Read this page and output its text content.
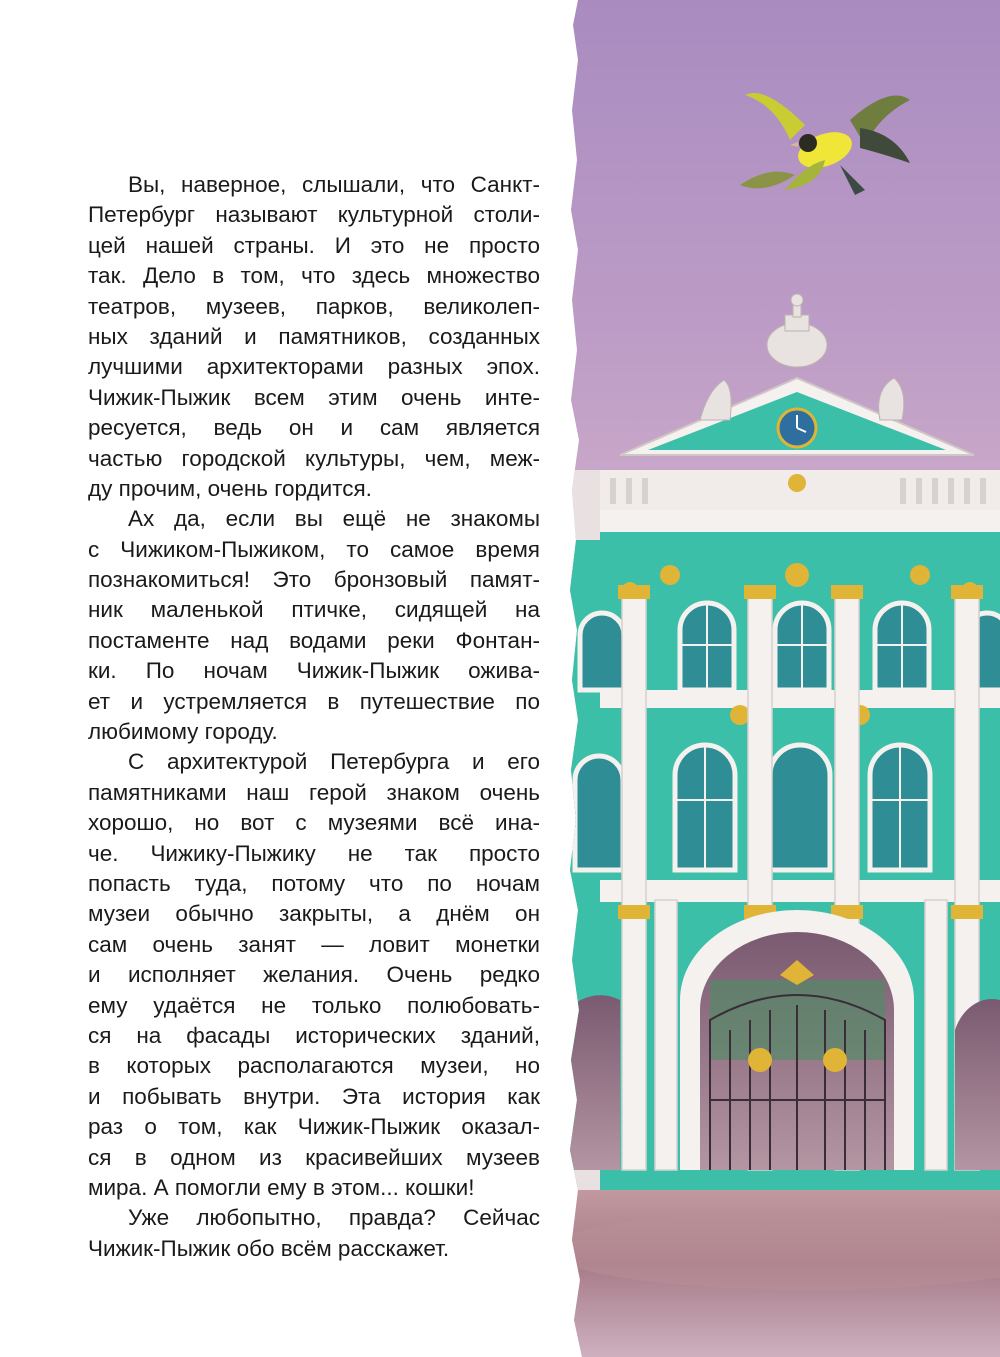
Вы, наверное, слышали, что Санкт-
Петербург называют культурной столи-
цей нашей страны. И это не просто
так. Дело в том, что здесь множество
театров, музеев, парков, великолеп-
ных зданий и памятников, созданных
лучшими архитекторами разных эпох.
Чижик-Пыжик всем этим очень инте-
ресуется, ведь он и сам является
частью городской культуры, чем, меж-
ду прочим, очень гордится.
Ах да, если вы ещё не знакомы
с Чижиком-Пыжиком, то самое время
познакомиться! Это бронзовый памят-
ник маленькой птичке, сидящей на
постаменте над водами реки Фонтан-
ки. По ночам Чижик-Пыжик оживa-
ет и устремляется в путешествие по
любимому городу.
С архитектурой Петербурга и его
памятниками наш герой знаком очень
хорошо, но вот с музеями всё ина-
че. Чижику-Пыжику не так просто
попасть туда, потому что по ночам
музеи обычно закрыты, а днём он
сам очень занят — ловит монетки
и исполняет желания. Очень редко
ему удаётся не только полюбовать-
ся на фасады исторических зданий,
в которых располагаются музеи, но
и побывать внутри. Эта история как
раз о том, как Чижик-Пыжик оказал-
ся в одном из красивейших музеев
мира. А помогли ему в этом... кошки!
Уже любопытно, правда? Сейчас
Чижик-Пыжик обо всём расскажет.
